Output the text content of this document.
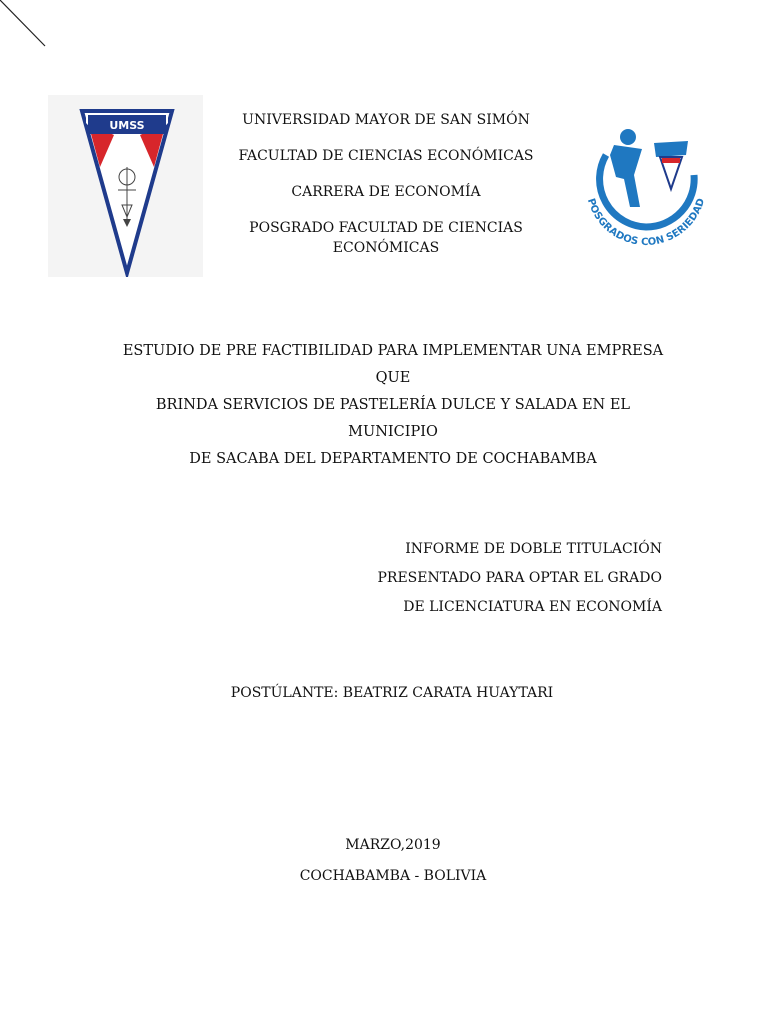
UMSS	UNIVERSIDAD MAYOR DE SAN SIMÓN

FACULTAD DE CIENCIAS ECONÓMICAS

CARRERA DE ECONOMÍA

POSGRADO FACULTAD DE CIENCIAS ECONÓMICAS

POSGRADOS CON SERIEDAD

ESTUDIO DE PRE FACTIBILIDAD PARA IMPLEMENTAR UNA EMPRESA QUE

BRINDA SERVICIOS DE PASTELERÍA DULCE Y SALADA EN EL MUNICIPIO

DE SACABA DEL DEPARTAMENTO DE COCHABAMBA

INFORME DE DOBLE TITULACIÓN

PRESENTADO PARA OPTAR EL GRADO

DE LICENCIATURA EN ECONOMÍA

POSTÚLANTE: BEATRIZ CARATA HUAYTARI

MARZO,2019

COCHABAMBA - BOLIVIA
